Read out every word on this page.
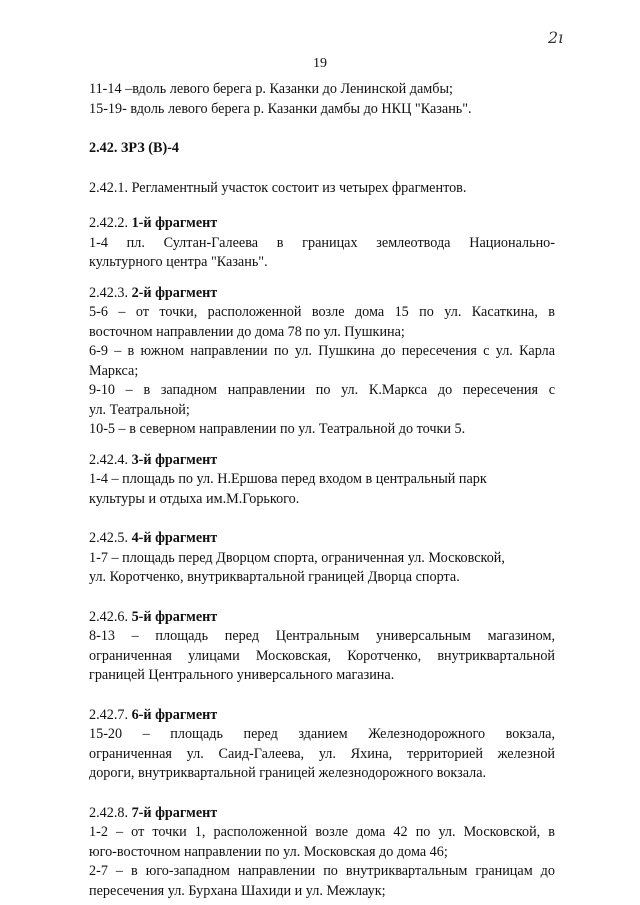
2ı
19

11-14 –вдоль левого берега р. Казанки до Ленинской дамбы;

15-19- вдоль левого берега р. Казанки дамбы до НКЦ "Казань".

2.42. ЗРЗ (В)-4

2.42.1. Регламентный участок состоит из четырех фрагментов.

2.42.2. 1-й фрагмент

1-4 пл. Султан-Галеева в границах землеотвода Национально-

культурного центра "Казань".

2.42.3. 2-й фрагмент

5-6 – от точки, расположенной возле дома 15 по ул. Касаткина, в

восточном направлении до дома 78 по ул. Пушкина;

6-9 – в южном направлении по ул. Пушкина до пересечения с ул. Карла

Маркса;

9-10 – в западном направлении по ул. К.Маркса до пересечения с

ул. Театральной;

10-5 – в северном направлении по ул. Театральной до точки 5.

2.42.4. 3-й фрагмент

1-4 – площадь по ул. Н.Ершова перед входом в центральный парк

культуры и отдыха им.М.Горького.

2.42.5. 4-й фрагмент

1-7 – площадь перед Дворцом спорта, ограниченная ул. Московской,

ул. Коротченко, внутриквартальной границей Дворца спорта.

2.42.6. 5-й фрагмент

8-13 – площадь перед Центральным универсальным магазином,

ограниченная улицами Московская, Коротченко, внутриквартальной

границей Центрального универсального магазина.

2.42.7. 6-й фрагмент

15-20 – площадь перед зданием Железнодорожного вокзала,

ограниченная ул. Саид-Галеева, ул. Яхина, территорией железной

дороги, внутриквартальной границей железнодорожного вокзала.

2.42.8. 7-й фрагмент

1-2 – от точки 1, расположенной возле дома 42 по ул. Московской, в

юго-восточном направлении по ул. Московская до дома 46;

2-7 – в юго-западном направлении по внутриквартальным границам до

пересечения ул. Бурхана Шахиди и ул. Межлаук;
